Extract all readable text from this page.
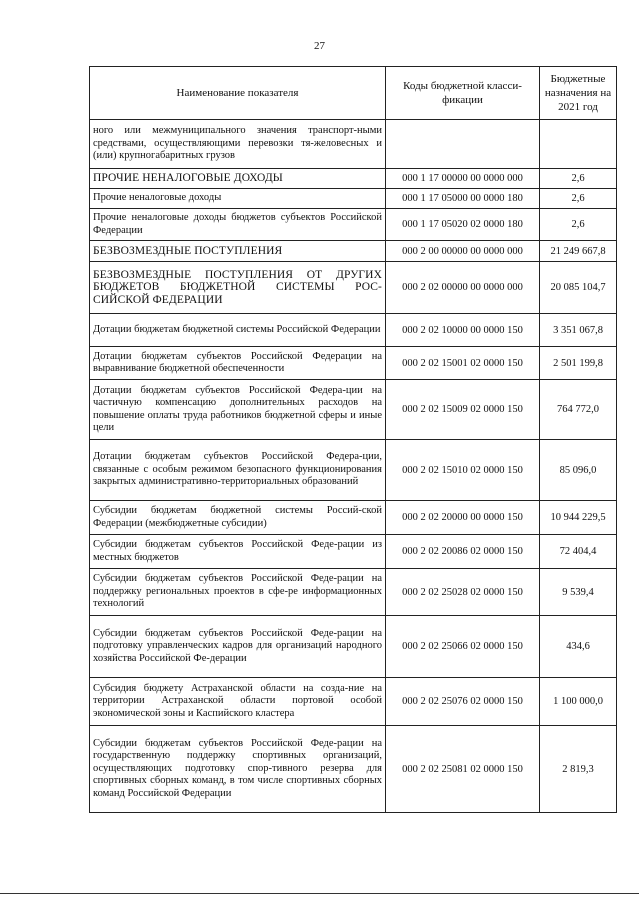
27
Наименование показателя	Коды бюджетной класси-фикации	Бюджетные назначения на 2021 год
ного или межмуниципального значения транспорт-ными средствами, осуществляющими перевозки тя-желовесных и (или) крупногабаритных грузов		
ПРОЧИЕ НЕНАЛОГОВЫЕ ДОХОДЫ	000 1 17 00000 00 0000 000	2,6
Прочие неналоговые доходы	000 1 17 05000 00 0000 180	2,6
Прочие неналоговые доходы бюджетов субъектов Российской Федерации	000 1 17 05020 02 0000 180	2,6
БЕЗВОЗМЕЗДНЫЕ ПОСТУПЛЕНИЯ	000 2 00 00000 00 0000 000	21 249 667,8
БЕЗВОЗМЕЗДНЫЕ ПОСТУПЛЕНИЯ ОТ ДРУГИХ БЮДЖЕТОВ БЮДЖЕТНОЙ СИСТЕМЫ РОС-СИЙСКОЙ ФЕДЕРАЦИИ	000 2 02 00000 00 0000 000	20 085 104,7
Дотации бюджетам бюджетной системы Российской Федерации	000 2 02 10000 00 0000 150	3 351 067,8
Дотации бюджетам субъектов Российской Федерации на выравнивание бюджетной обеспеченности	000 2 02 15001 02 0000 150	2 501 199,8
Дотации бюджетам субъектов Российской Федера-ции на частичную компенсацию дополнительных расходов на повышение оплаты труда работников бюджетной сферы и иные цели	000 2 02 15009 02 0000 150	764 772,0
Дотации бюджетам субъектов Российской Федера-ции, связанные с особым режимом безопасного функционирования закрытых административно-территориальных образований	000 2 02 15010 02 0000 150	85 096,0
Субсидии бюджетам бюджетной системы Россий-ской Федерации (межбюджетные субсидии)	000 2 02 20000 00 0000 150	10 944 229,5
Субсидии бюджетам субъектов Российской Феде-рации из местных бюджетов	000 2 02 20086 02 0000 150	72 404,4
Субсидии бюджетам субъектов Российской Феде-рации на поддержку региональных проектов в сфе-ре информационных технологий	000 2 02 25028 02 0000 150	9 539,4
Субсидии бюджетам субъектов Российской Феде-рации на подготовку управленческих кадров для организаций народного хозяйства Российской Фе-дерации	000 2 02 25066 02 0000 150	434,6
Субсидия бюджету Астраханской области на созда-ние на территории Астраханской области портовой особой экономической зоны и Каспийского кластера	000 2 02 25076 02 0000 150	1 100 000,0
Субсидии бюджетам субъектов Российской Феде-рации на государственную поддержку спортивных организаций, осуществляющих подготовку спор-тивного резерва для спортивных сборных команд, в том числе спортивных сборных команд Российской Федерации	000 2 02 25081 02 0000 150	2 819,3
